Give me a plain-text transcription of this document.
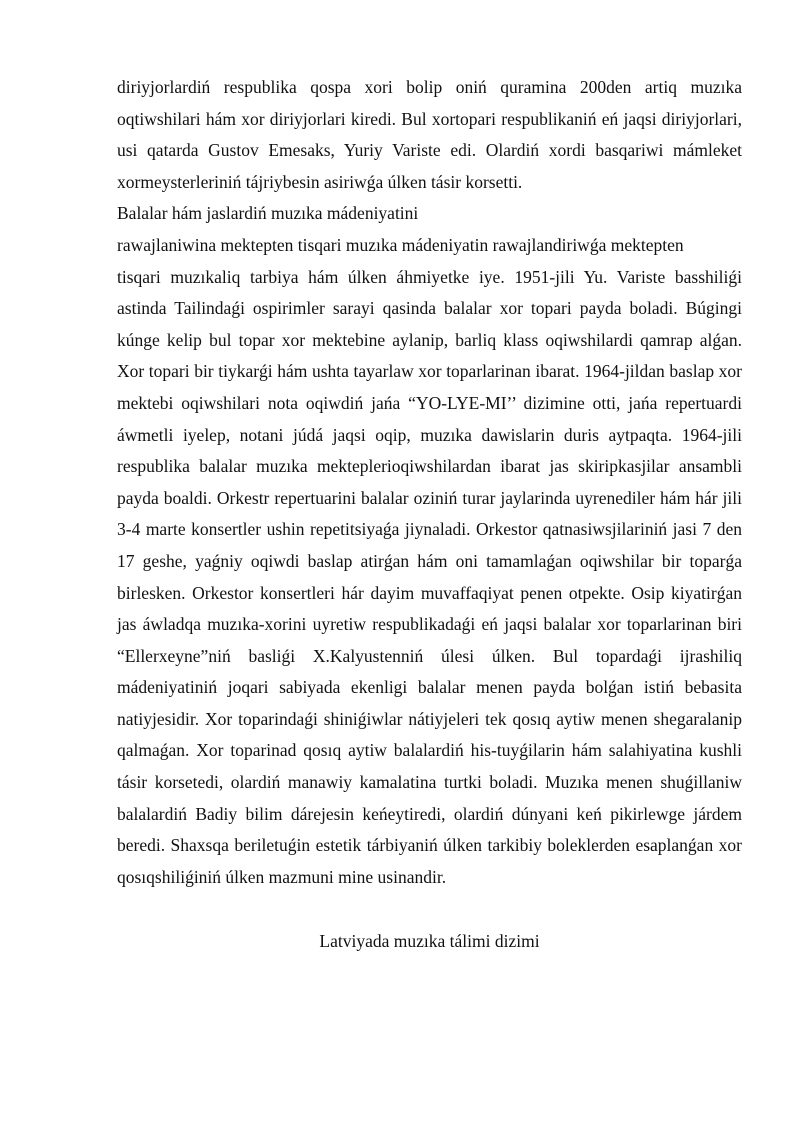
diriyjorlardiń respublika qospa xori bolip oniń quramina 200den artiq muzıka oqtiwshilari hám xor diriyjorlari kiredi. Bul xortopari respublikaniń eń jaqsi diriyjorlari, usi qatarda Gustov Emesaks, Yuriy Variste edi. Olardiń xordi basqariwi mámleket xormeysterleriniń tájriybesin asiriwǵa úlken tásir korsetti.

Balalar hám jaslardiń muzıka mádeniyatini

rawajlaniwina mektepten tisqari muzıka mádeniyatin rawajlandiriwǵa mektepten

tisqari muzıkaliq tarbiya hám úlken áhmiyetke iye. 1951-jili Yu. Variste basshiliǵi astinda Tailindaǵi ospirimler sarayi qasinda balalar xor topari payda boladi. Búgingi kúnge kelip bul topar xor mektebine aylanip, barliq klass oqiwshilardi qamrap alǵan. Xor topari bir tiykarǵi hám ushta tayarlaw xor toparlarinan ibarat. 1964-jildan baslap xor mektebi oqiwshilari nota oqiwdiń jańa “YO-LYE-MI’’ dizimine otti, jańa repertuardi áwmetli iyelep, notani júdá jaqsi oqip, muzıka dawislarin duris aytpaqta. 1964-jili respublika balalar muzıka mekteplerioqiwshilardan ibarat jas skiripkasjilar ansambli payda boaldi. Orkestr repertuarini balalar oziniń turar jaylarinda uyrenediler hám hár jili 3-4 marte konsertler ushin repetitsiyaǵa jiynaladi. Orkestor qatnasiwsjilariniń jasi 7 den 17 geshe, yaǵniy oqiwdi baslap atirǵan hám oni tamamlaǵan oqiwshilar bir toparǵa birlesken. Orkestor konsertleri hár dayim muvaffaqiyat penen otpekte. Osip kiyatirǵan jas áwladqa muzıka-xorini uyretiw respublikadaǵi eń jaqsi balalar xor toparlarinan biri “Ellerxeyne”niń basliǵi X.Kalyustenniń úlesi úlken. Bul topardaǵi ijrashiliq mádeniyatiniń joqari sabiyada ekenligi balalar menen payda bolǵan istiń bebasita natiyjesidir. Xor toparindaǵi shiniǵiwlar nátiyjeleri tek qosıq aytiw menen shegaralanip qalmaǵan. Xor toparinad qosıq aytiw balalardiń his-tuyǵilarin hám salahiyatina kushli tásir korsetedi, olardiń manawiy kamalatina turtki boladi. Muzıka menen shuǵillaniw balalardiń Badiy bilim dárejesin keńeytiredi, olardiń dúnyani keń pikirlewge járdem beredi. Shaxsqa beriletuǵin estetik tárbiyaniń úlken tarkibiy boleklerden esaplanǵan xor qosıqshiliǵiniń úlken mazmuni mine usinandir.

Latviyada muzıka tálimi dizimi
